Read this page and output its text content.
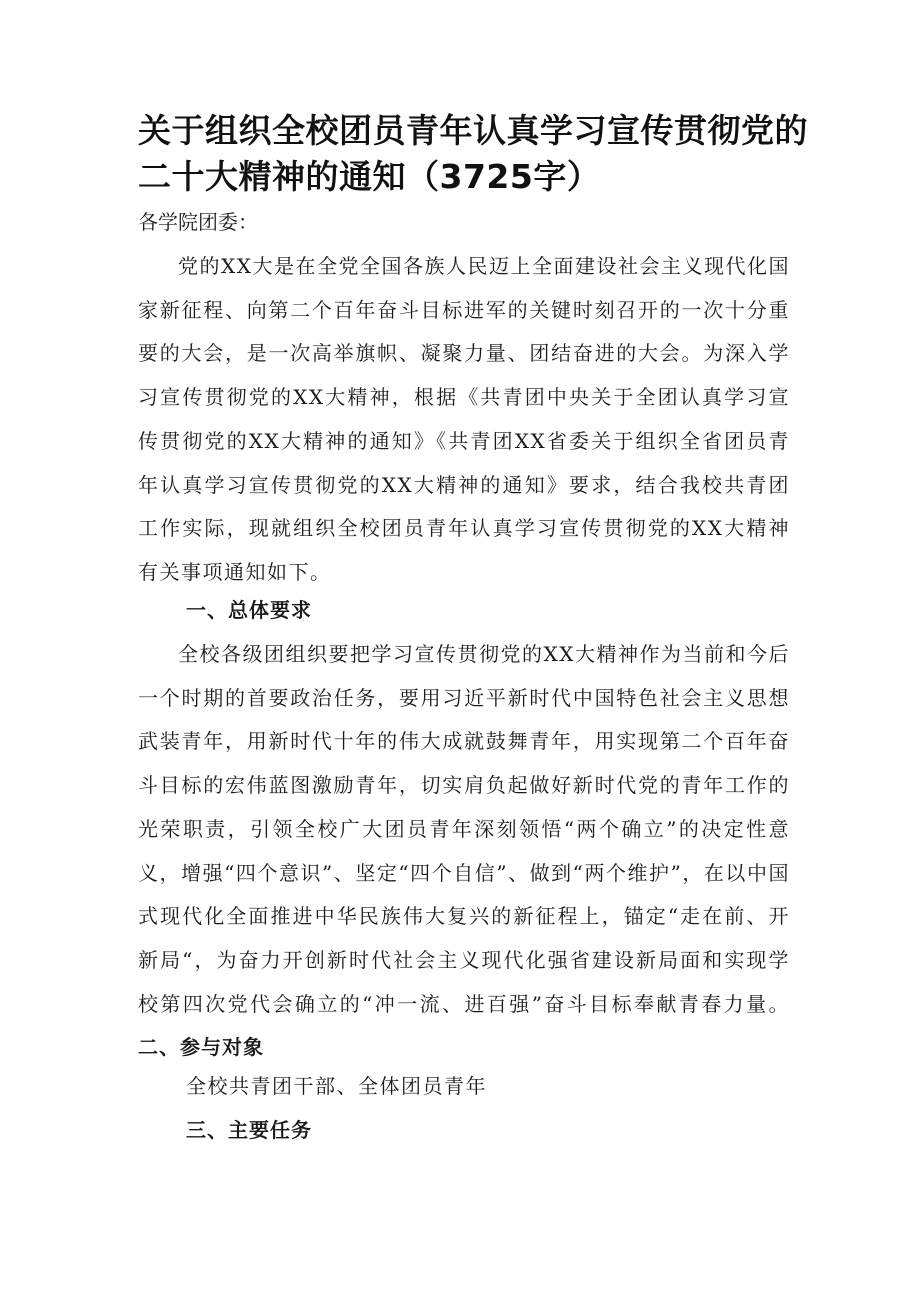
关于组织全校团员青年认真学习宣传贯彻党的二十大精神的通知（3725字）

各学院团委：

党的XX大是在全党全国各族人民迈上全面建设社会主义现代化国家新征程、向第二个百年奋斗目标进军的关键时刻召开的一次十分重要的大会，是一次高举旗帜、凝聚力量、团结奋进的大会。为深入学习宣传贯彻党的XX大精神，根据《共青团中央关于全团认真学习宣传贯彻党的XX大精神的通知》《共青团XX省委关于组织全省团员青年认真学习宣传贯彻党的XX大精神的通知》要求，结合我校共青团工作实际，现就组织全校团员青年认真学习宣传贯彻党的XX大精神有关事项通知如下。

一、总体要求

全校各级团组织要把学习宣传贯彻党的XX大精神作为当前和今后一个时期的首要政治任务，要用习近平新时代中国特色社会主义思想武装青年，用新时代十年的伟大成就鼓舞青年，用实现第二个百年奋斗目标的宏伟蓝图激励青年，切实肩负起做好新时代党的青年工作的光荣职责，引领全校广大团员青年深刻领悟“两个确立”的决定性意义，增强“四个意识”、坚定“四个自信”、做到“两个维护”，在以中国式现代化全面推进中华民族伟大复兴的新征程上，锚定“走在前、开新局“，为奋力开创新时代社会主义现代化强省建设新局面和实现学校第四次党代会确立的“冲一流、进百强”奋斗目标奉献青春力量。二、参与对象

全校共青团干部、全体团员青年

三、主要任务
